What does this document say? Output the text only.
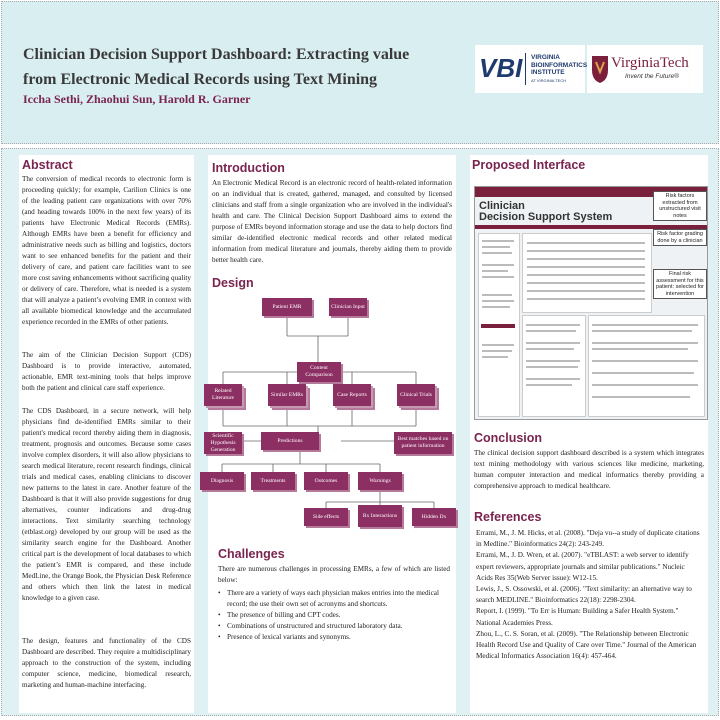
Clinician Decision Support Dashboard: Extracting value from Electronic Medical Records using Text Mining
Iccha Sethi, Zhaohui Sun, Harold R. Garner
VBI VIRGINIA
BIOINFORMATICS
INSTITUTE
AT VIRGINIA TECH
VirginiaTech
Invent the Future®
Abstract

The conversion of medical records to electronic form is proceeding quickly; for example, Carilion Clinics is one of the leading patient care organizations with over 70% (and heading towards 100% in the next few years) of its patients have Electronic Medical Records (EMRs). Although EMRs have been a benefit for efficiency and administrative needs such as billing and logistics, doctors want to see enhanced benefits for the patient and their delivery of care, and patient care facilities want to see more cost saving enhancements without sacrificing quality or delivery of care. Therefore, what is needed is a system that will analyze a patient’s evolving EMR in context with all available biomedical knowledge and the accumulated experience recorded in the EMRs of other patients.

The aim of the Clinician Decision Support (CDS) Dashboard is to provide interactive, automated, actionable, EMR text-mining tools that helps improve both the patient and clinical care staff experience.

The CDS Dashboard, in a secure network, will help physicians find de-identified EMRs similar to their patient's medical record thereby aiding them in diagnosis, treatment, prognosis and outcomes. Because some cases involve complex disorders, it will also allow physicians to search medical literature, recent research findings, clinical trials and medical cases, enabling clinicians to discover new patterns to the latest in care. Another feature of the Dashboard is that it will also provide suggestions for drug alternatives, counter indications and drug-drug interactions. Text similarity searching technology (etblast.org) developed by our group will be used as the similarity search engine for the Dashboard. Another critical part is the development of local databases to which the patient’s EMR is compared, and these include MedLine, the Orange Book, the Physician Desk Reference and others which then link the latest in medical knowledge to a given case.

The design, features and functionality of the CDS Dashboard are described. They require a multidisciplinary approach to the construction of the system, including computer science, medicine, biomedical research, marketing and human-machine interfacing.

Introduction

An Electronic Medical Record is an electronic record of health-related information on an individual that is created, gathered, managed, and consulted by licensed clinicians and staff from a single organization who are involved in the individual's health and care. The Clinical Decision Support Dashboard aims to extend the purpose of EMRs beyond information storage and use the data to help doctors find similar de-identified electronic medical records and other related medical information from medical literature and journals, thereby aiding them to provide better health care.

Design
Patient EMR	Clinician Input
Content Comparison
Related Literature
Similar EMRs	Case Reports	Clinical Trials
Scientific Hypothesis Generation
Predictions	Best matches based on patient information
Diagnosis	Treatments	Outcomes	Warnings
Side effects	Rx Interactions	Hidden Dx
Challenges

There are numerous challenges in processing EMRs, a few of which are listed below:

• There are a variety of ways each physician makes entries into the medical record; the use their own set of acronyms and shortcuts.
• The presence of billing and CPT codes.
• Combinations of unstructured and structured laboratory data.
• Presence of lexical variants and synonyms.
Proposed Interface
Clinician
Decision Support System
Risk factors extracted from unstructured visit notes
Risk factor grading done by a clinician
Final risk assessment for this patient: selected for intervention
Conclusion

The clinical decision support dashboard described is a system which integrates text mining methodology with various sciences like medicine, marketing, human computer interaction and medical informatics thereby providing a comprehensive approach to medical healthcare.

References
Errami, M., J. M. Hicks, et al. (2008). "Deja vu--a study of duplicate citations in Medline." Bioinformatics 24(2): 243-249.
Errami, M., J. D. Wren, et al. (2007). "eTBLAST: a web server to identify expert reviewers, appropriate journals and similar publications." Nucleic Acids Res 35(Web Server issue): W12-15.
Lewis, J., S. Ossowski, et al. (2006). "Text similarity: an alternative way to search MEDLINE." Bioinformatics 22(18): 2298-2304.
Report, I. (1999). "To Err is Human: Building a Safer Health System." National Academies Press.
Zhou, L., C. S. Soran, et al. (2009). "The Relationship between Electronic Health Record Use and Quality of Care over Time." Journal of the American Medical Informatics Association 16(4): 457-464.
